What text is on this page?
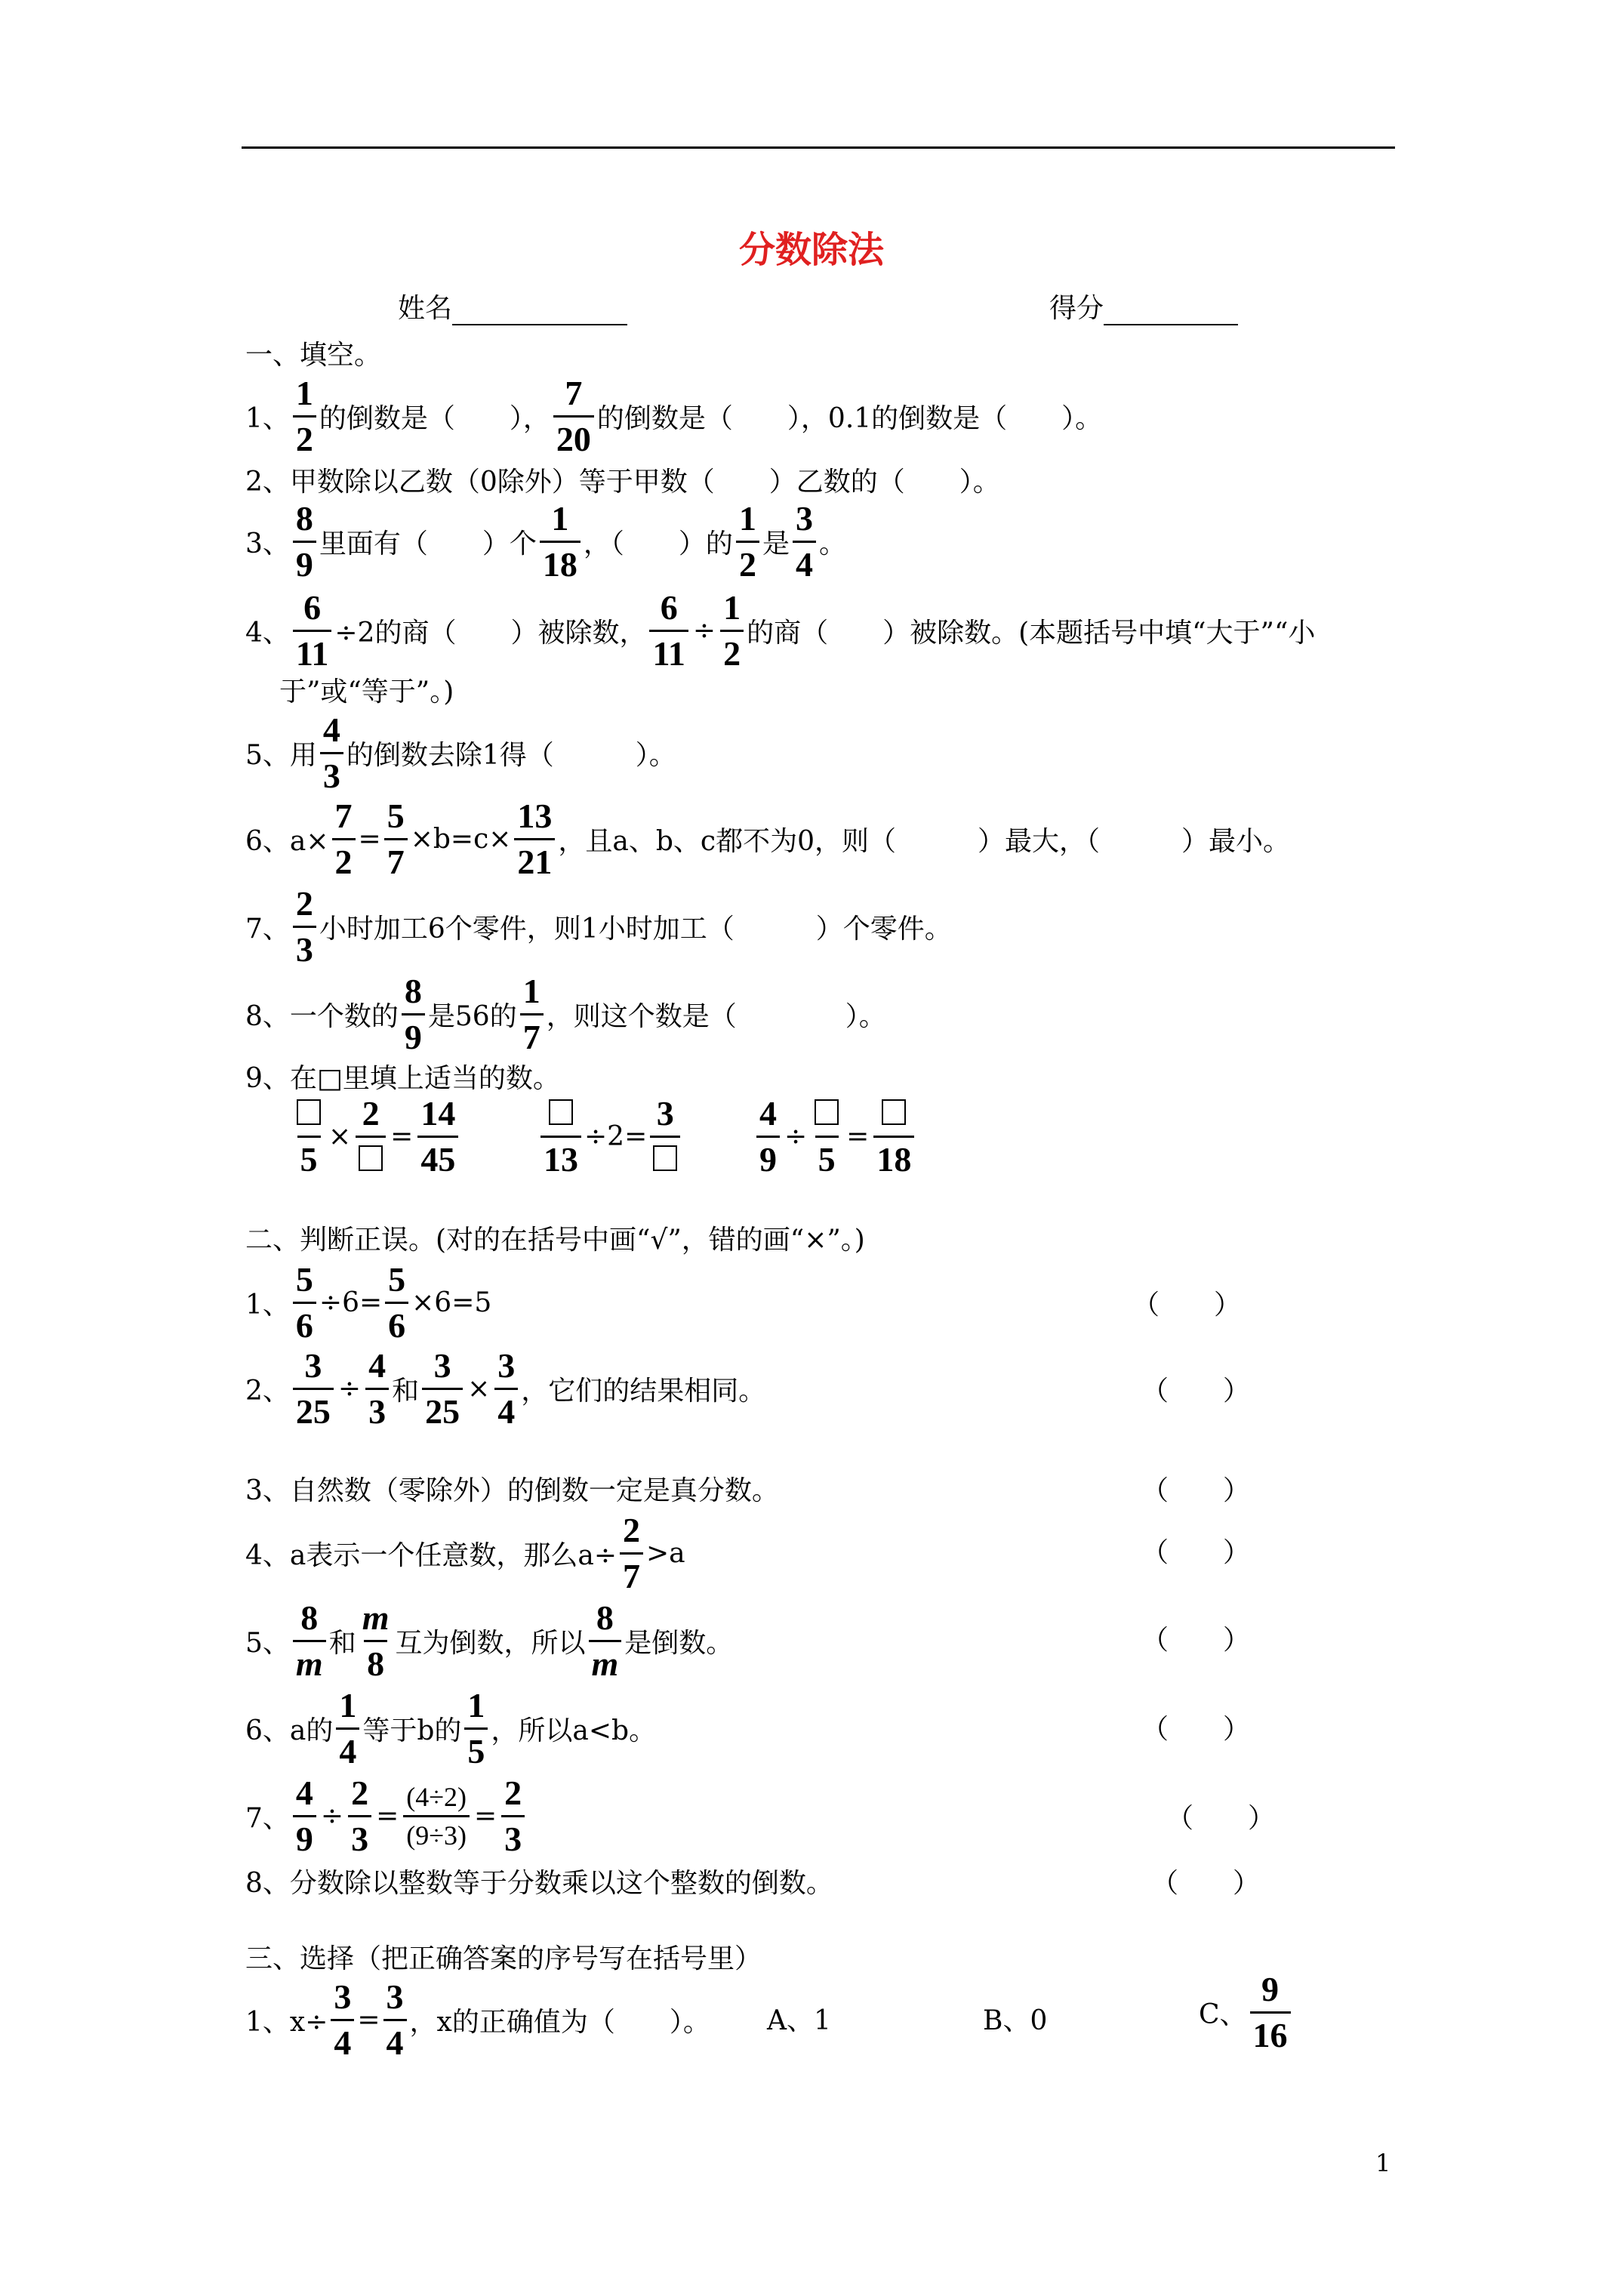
分数除法
姓名	得分
一、填空。
1、 $\frac{1}{2}$ 的倒数是（　　）， $\frac{7}{20}$ 的倒数是（　　），0.1的倒数是（　　）。
2、甲数除以乙数（0除外）等于甲数（　　）乙数的（　　）。
3、 $\frac{8}{9}$ 里面有（　　）个 $\frac{1}{18}$ ，（　　）的 $\frac{1}{2}$ 是 $\frac{3}{4}$ 。
4、 $\frac{6}{11} \div 2$的商（　　）被除数， $\frac{6}{11} \div \frac{1}{2}$ 的商（　　）被除数。(本题括号中填“大于”“小
于”或“等于”。)
5、用 $\frac{4}{3}$ 的倒数去除1得（　　　）。
6、$a\times \frac{7}{2} = \frac{5}{7} \times b=c\times \frac{13}{21}$ ，且a、b、c都不为0，则（　　　）最大，（　　　）最小。
7、 $\frac{2}{3}$ 小时加工6个零件，则1小时加工（　　　）个零件。
8、一个数的 $\frac{8}{9}$ 是56的 $\frac{1}{7}$ ，则这个数是（　　　　）。
9、在□里填上适当的数。
5
×
2
= $\frac{14}{45} 13$
÷2=
$3 \frac{4}{9}$ ÷
5
=
18
二、判断正误。(对的在括号中画“√”，错的画“×”。)
1、 $\frac{5}{6} \div 6= \frac{5}{6} \times 6=5$	（　　）
2、 $\frac{3}{25} \div \frac{4}{3}$ 和 $\frac{3}{25} \times \frac{3}{4}$ ，它们的结果相同。	（　　）
3、自然数（零除外）的倒数一定是真分数。	（　　）
4、a表示一个任意数，那么$a\div \frac{2}{7} >a$	（　　）
5、 $\frac{8}{m}$ 和 $\frac{m}{8}$ 互为倒数，所以 $\frac{8}{m}$ 是倒数。	（　　）
6、a的 $\frac{1}{4}$ 等于b的 $\frac{1}{5}$ ，所以a<b。	（　　）
7、 $\frac{4}{9} \div \frac{2}{3} = \frac{(4\div 2)}{(9\div 3)} = \frac{2}{3}$	（　　）
8、分数除以整数等于分数乘以这个整数的倒数。	（　　）
三、选择（把正确答案的序号写在括号里）
1、$x\div \frac{3}{4} = \frac{3}{4}$ ，x的正确值为（　　）。 A、1	B、0	C、 $\frac{9}{16}$
1
